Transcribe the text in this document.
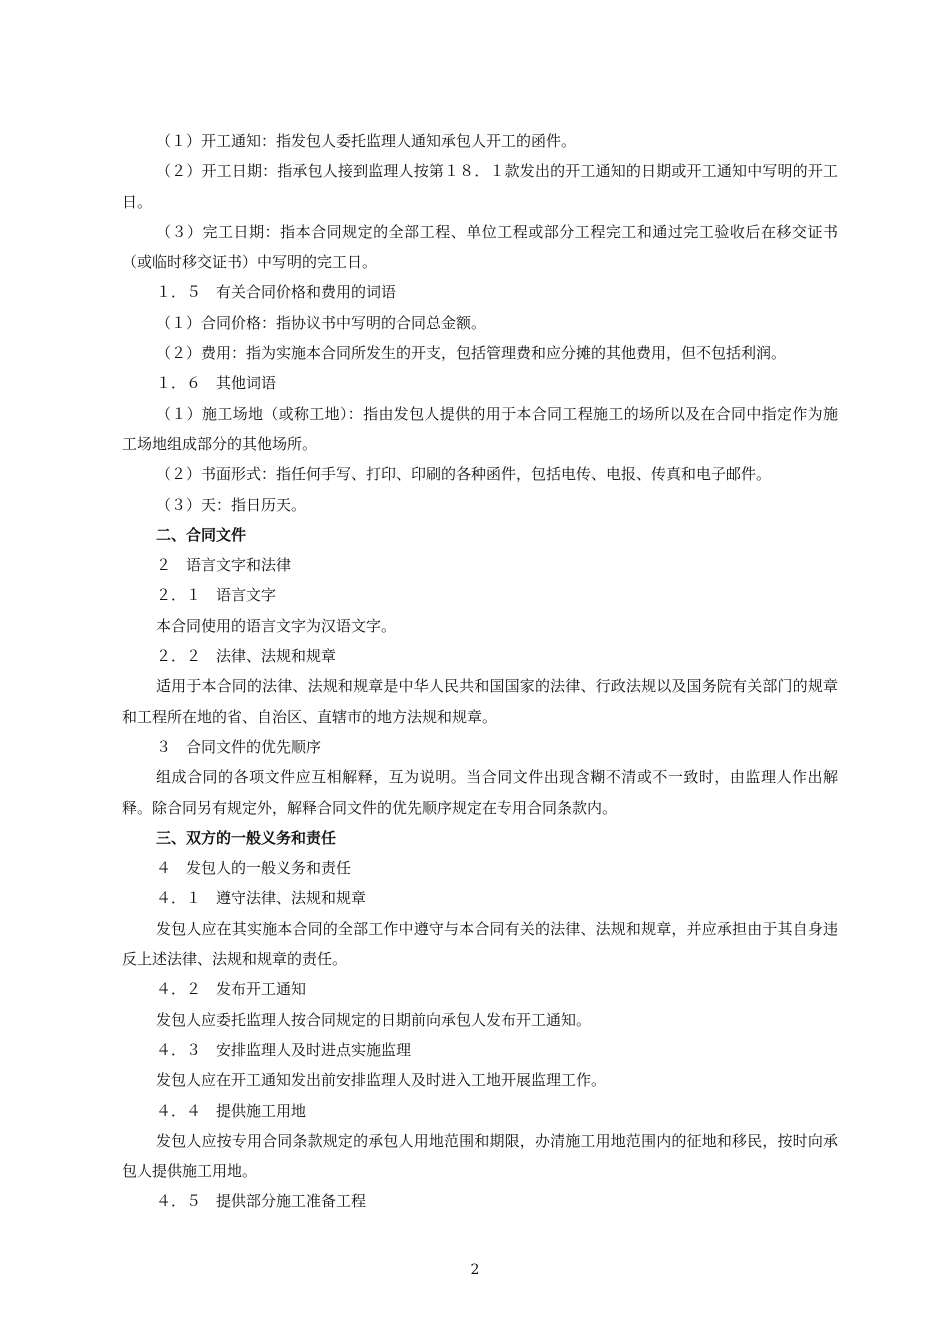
（１）开工通知：指发包人委托监理人通知承包人开工的函件。

（２）开工日期：指承包人接到监理人按第１８．１款发出的开工通知的日期或开工通知中写明的开工日。

（３）完工日期：指本合同规定的全部工程、单位工程或部分工程完工和通过完工验收后在移交证书（或临时移交证书）中写明的完工日。

１．５　有关合同价格和费用的词语

（１）合同价格：指协议书中写明的合同总金额。

（２）费用：指为实施本合同所发生的开支，包括管理费和应分摊的其他费用，但不包括利润。

１．６　其他词语

（１）施工场地（或称工地）：指由发包人提供的用于本合同工程施工的场所以及在合同中指定作为施工场地组成部分的其他场所。

（２）书面形式：指任何手写、打印、印刷的各种函件，包括电传、电报、传真和电子邮件。

（３）天：指日历天。

二、合同文件

２　语言文字和法律

２．１　语言文字

本合同使用的语言文字为汉语文字。

２．２　法律、法规和规章

适用于本合同的法律、法规和规章是中华人民共和国国家的法律、行政法规以及国务院有关部门的规章和工程所在地的省、自治区、直辖市的地方法规和规章。

３　合同文件的优先顺序

组成合同的各项文件应互相解释，互为说明。当合同文件出现含糊不清或不一致时，由监理人作出解释。除合同另有规定外，解释合同文件的优先顺序规定在专用合同条款内。

三、双方的一般义务和责任

４　发包人的一般义务和责任

４．１　遵守法律、法规和规章

发包人应在其实施本合同的全部工作中遵守与本合同有关的法律、法规和规章，并应承担由于其自身违反上述法律、法规和规章的责任。

４．２　发布开工通知

发包人应委托监理人按合同规定的日期前向承包人发布开工通知。

４．３　安排监理人及时进点实施监理

发包人应在开工通知发出前安排监理人及时进入工地开展监理工作。

４．４　提供施工用地

发包人应按专用合同条款规定的承包人用地范围和期限，办清施工用地范围内的征地和移民，按时向承包人提供施工用地。

４．５　提供部分施工准备工程

2
